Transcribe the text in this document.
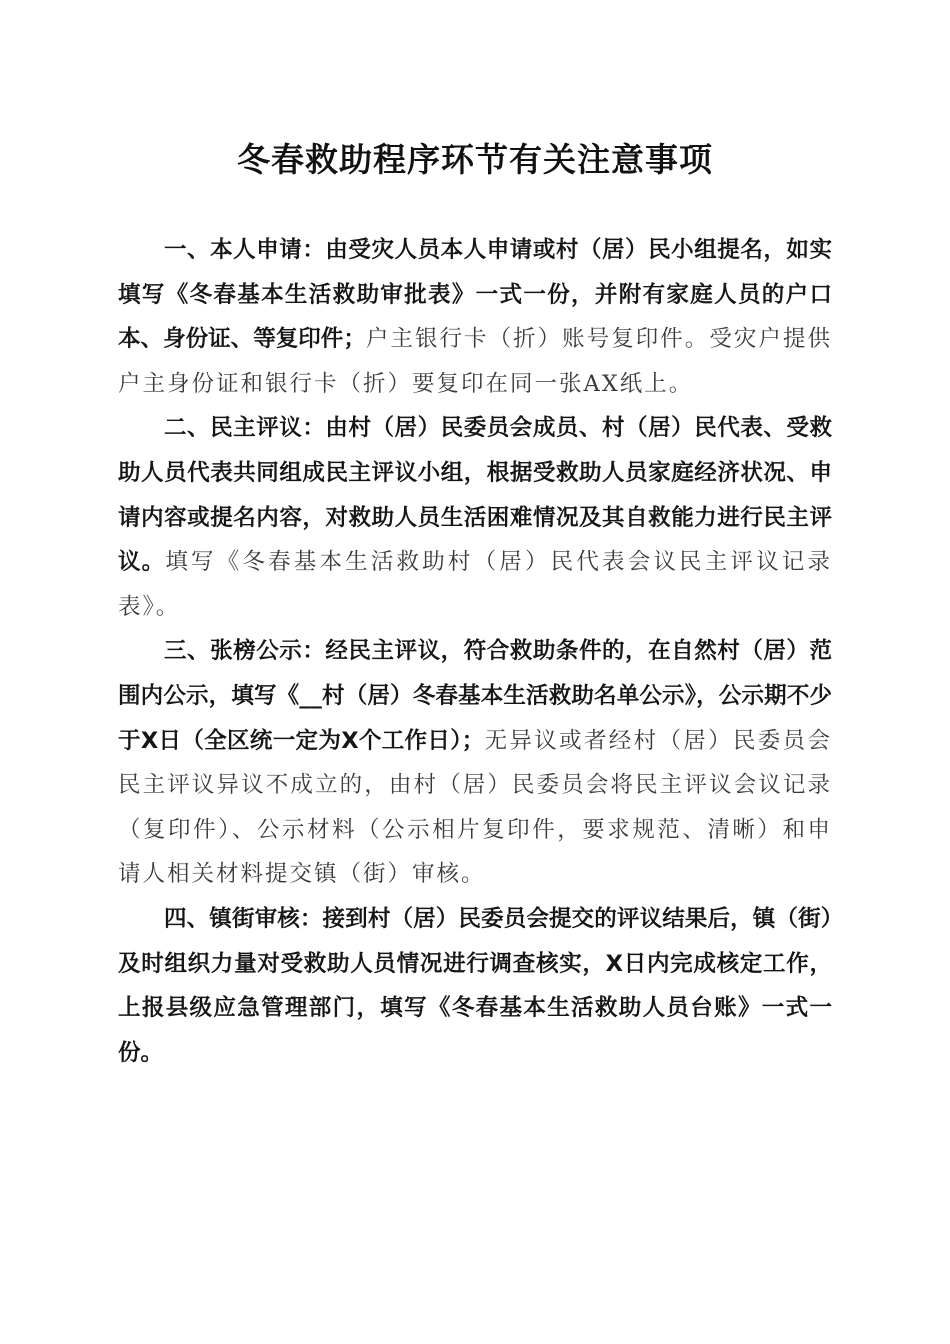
冬春救助程序环节有关注意事项

一、本人申请：由受灾人员本人申请或村（居）民小组提名，如实填写《冬春基本生活救助审批表》一式一份，并附有家庭人员的户口本、身份证、等复印件；户主银行卡（折）账号复印件。受灾户提供户主身份证和银行卡（折）要复印在同一张AX纸上。

二、民主评议：由村（居）民委员会成员、村（居）民代表、受救助人员代表共同组成民主评议小组，根据受救助人员家庭经济状况、申请内容或提名内容，对救助人员生活困难情况及其自救能力进行民主评议。填写《冬春基本生活救助村（居）民代表会议民主评议记录表》。

三、张榜公示：经民主评议，符合救助条件的，在自然村（居）范围内公示，填写《__村（居）冬春基本生活救助名单公示》，公示期不少于X日（全区统一定为X个工作日）；无异议或者经村（居）民委员会民主评议异议不成立的，由村（居）民委员会将民主评议会议记录（复印件）、公示材料（公示相片复印件，要求规范、清晰）和申请人相关材料提交镇（街）审核。

四、镇街审核：接到村（居）民委员会提交的评议结果后，镇（街）及时组织力量对受救助人员情况进行调查核实，X日内完成核定工作，上报县级应急管理部门，填写《冬春基本生活救助人员台账》一式一份。
